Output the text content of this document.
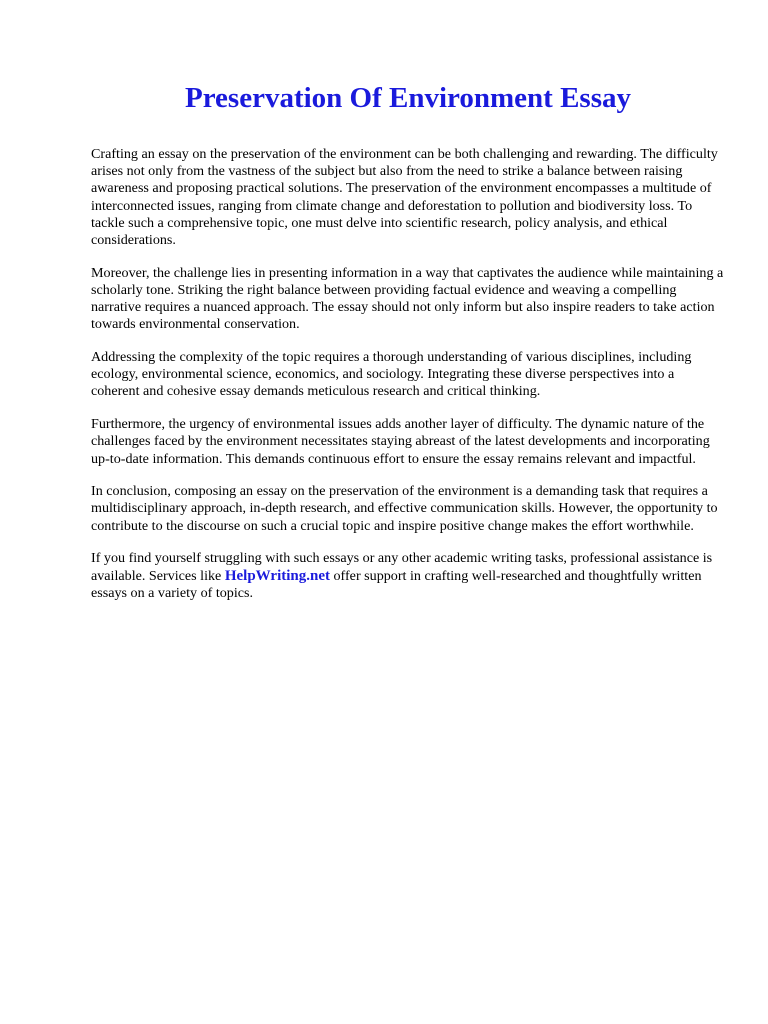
Preservation Of Environment Essay

Crafting an essay on the preservation of the environment can be both challenging and rewarding. The difficulty arises not only from the vastness of the subject but also from the need to strike a balance between raising awareness and proposing practical solutions. The preservation of the environment encompasses a multitude of interconnected issues, ranging from climate change and deforestation to pollution and biodiversity loss. To tackle such a comprehensive topic, one must delve into scientific research, policy analysis, and ethical considerations.

Moreover, the challenge lies in presenting information in a way that captivates the audience while maintaining a scholarly tone. Striking the right balance between providing factual evidence and weaving a compelling narrative requires a nuanced approach. The essay should not only inform but also inspire readers to take action towards environmental conservation.

Addressing the complexity of the topic requires a thorough understanding of various disciplines, including ecology, environmental science, economics, and sociology. Integrating these diverse perspectives into a coherent and cohesive essay demands meticulous research and critical thinking.

Furthermore, the urgency of environmental issues adds another layer of difficulty. The dynamic nature of the challenges faced by the environment necessitates staying abreast of the latest developments and incorporating up-to-date information. This demands continuous effort to ensure the essay remains relevant and impactful.

In conclusion, composing an essay on the preservation of the environment is a demanding task that requires a multidisciplinary approach, in-depth research, and effective communication skills. However, the opportunity to contribute to the discourse on such a crucial topic and inspire positive change makes the effort worthwhile.

If you find yourself struggling with such essays or any other academic writing tasks, professional assistance is available. Services like HelpWriting.net offer support in crafting well-researched and thoughtfully written essays on a variety of topics.
